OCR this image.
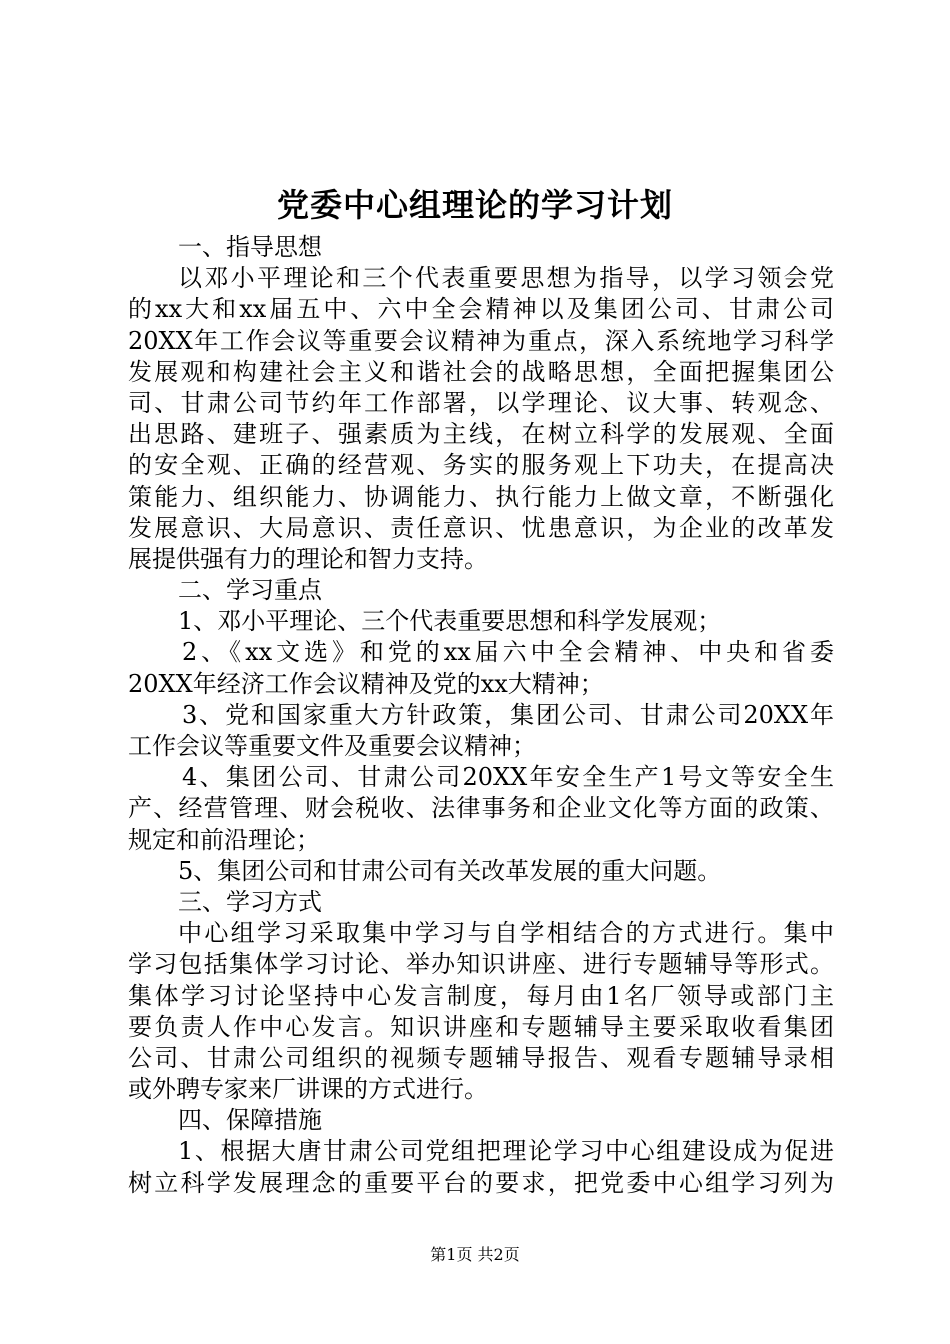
党委中心组理论的学习计划
一、指导思想
以邓小平理论和三个代表重要思想为指导，以学习领会党
的xx大和xx届五中、六中全会精神以及集团公司、甘肃公司
20XX年工作会议等重要会议精神为重点，深入系统地学习科学
发展观和构建社会主义和谐社会的战略思想，全面把握集团公
司、甘肃公司节约年工作部署，以学理论、议大事、转观念、
出思路、建班子、强素质为主线，在树立科学的发展观、全面
的安全观、正确的经营观、务实的服务观上下功夫，在提高决
策能力、组织能力、协调能力、执行能力上做文章，不断强化
发展意识、大局意识、责任意识、忧患意识，为企业的改革发
展提供强有力的理论和智力支持。
二、学习重点
1、邓小平理论、三个代表重要思想和科学发展观；
2、《xx文选》和党的xx届六中全会精神、中央和省委
20XX年经济工作会议精神及党的xx大精神；
3、党和国家重大方针政策，集团公司、甘肃公司20XX年
工作会议等重要文件及重要会议精神；
4、集团公司、甘肃公司20XX年安全生产1号文等安全生
产、经营管理、财会税收、法律事务和企业文化等方面的政策、
规定和前沿理论；
5、集团公司和甘肃公司有关改革发展的重大问题。
三、学习方式
中心组学习采取集中学习与自学相结合的方式进行。集中
学习包括集体学习讨论、举办知识讲座、进行专题辅导等形式。
集体学习讨论坚持中心发言制度，每月由1名厂领导或部门主
要负责人作中心发言。知识讲座和专题辅导主要采取收看集团
公司、甘肃公司组织的视频专题辅导报告、观看专题辅导录相
或外聘专家来厂讲课的方式进行。
四、保障措施
1、根据大唐甘肃公司党组把理论学习中心组建设成为促进
树立科学发展理念的重要平台的要求，把党委中心组学习列为
第1页 共2页
